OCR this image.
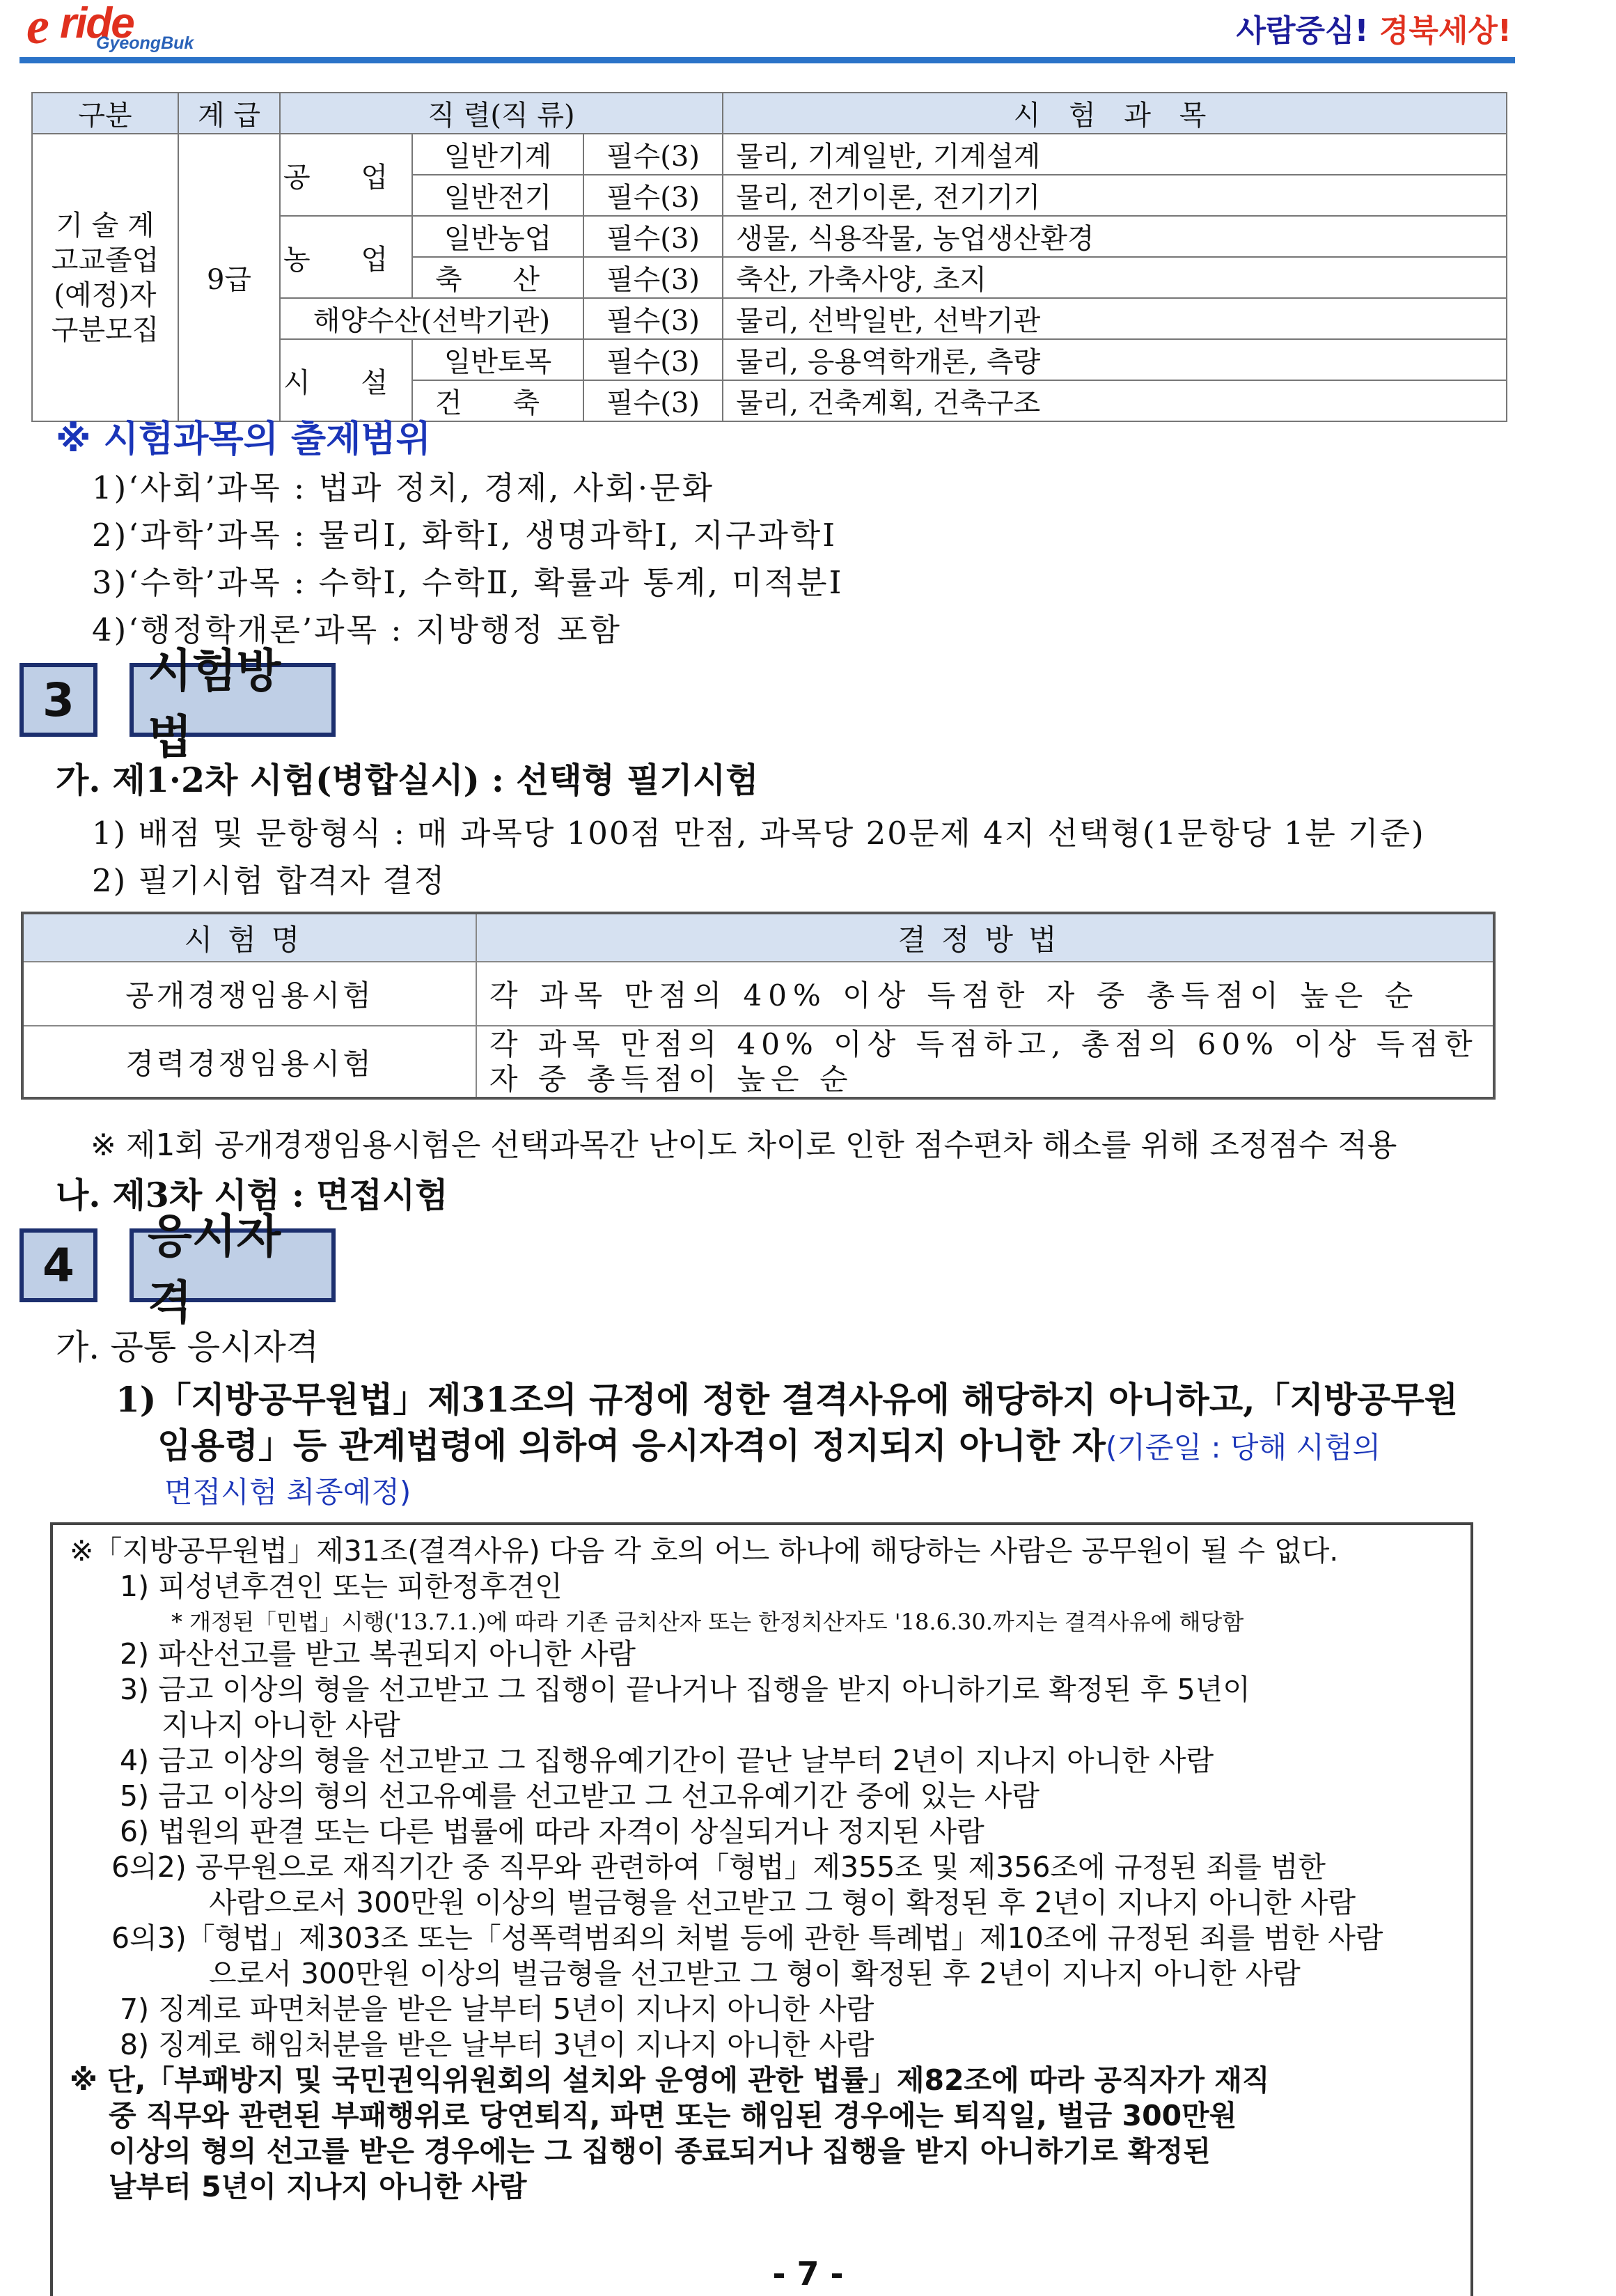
e ride
GyeongBuk	사람중심! 경북세상!
구분	계 급	직 렬(직 류)			시 험 과 목
기 술 계 고교졸업 (예정)자 구분모집	9급	공 업	일반기계	필수(3)	물리, 기계일반, 기계설계
			일반전기	필수(3)	물리, 전기이론, 전기기기
		농 업	일반농업	필수(3)	생물, 식용작물, 농업생산환경
			축 산	필수(3)	축산, 가축사양, 초지
		해양수산(선박기관)		필수(3)	물리, 선박일반, 선박기관
		시 설	일반토목	필수(3)	물리, 응용역학개론, 측량
			건 축	필수(3)	물리, 건축계획, 건축구조
※ 시험과목의 출제범위
1)‘사회’과목 : 법과 정치, 경제, 사회·문화
2)‘과학’과목 : 물리Ⅰ, 화학Ⅰ, 생명과학Ⅰ, 지구과학Ⅰ
3)‘수학’과목 : 수학Ⅰ, 수학Ⅱ, 확률과 통계, 미적분Ⅰ
4)‘행정학개론’과목 : 지방행정 포함
3
시험방법
가. 제1·2차 시험(병합실시) : 선택형 필기시험
1) 배점 및 문항형식 : 매 과목당 100점 만점, 과목당 20문제 4지 선택형(1문항당 1분 기준)
2) 필기시험 합격자 결정
시험명	결정방법
공개경쟁임용시험	각 과목 만점의 40% 이상 득점한 자 중 총득점이 높은 순
경력경쟁임용시험	각 과목 만점의 40% 이상 득점하고, 총점의 60% 이상 득점한 자 중 총득점이 높은 순
※ 제1회 공개경쟁임용시험은 선택과목간 난이도 차이로 인한 점수편차 해소를 위해 조정점수 적용
나. 제3차 시험 : 면접시험
4
응시자격
가. 공통 응시자격
1)「지방공무원법」제31조의 규정에 정한 결격사유에 해당하지 아니하고,「지방공무원
임용령」등 관계법령에 의하여 응시자격이 정지되지 아니한 자(기준일 : 당해 시험의
면접시험 최종예정)
※「지방공무원법」제31조(결격사유) 다음 각 호의 어느 하나에 해당하는 사람은 공무원이 될 수 없다.
1) 피성년후견인 또는 피한정후견인
* 개정된「민법」시행('13.7.1.)에 따라 기존 금치산자 또는 한정치산자도 '18.6.30.까지는 결격사유에 해당함
2) 파산선고를 받고 복권되지 아니한 사람
3) 금고 이상의 형을 선고받고 그 집행이 끝나거나 집행을 받지 아니하기로 확정된 후 5년이
지나지 아니한 사람
4) 금고 이상의 형을 선고받고 그 집행유예기간이 끝난 날부터 2년이 지나지 아니한 사람
5) 금고 이상의 형의 선고유예를 선고받고 그 선고유예기간 중에 있는 사람
6) 법원의 판결 또는 다른 법률에 따라 자격이 상실되거나 정지된 사람
6의2) 공무원으로 재직기간 중 직무와 관련하여「형법」제355조 및 제356조에 규정된 죄를 범한
사람으로서 300만원 이상의 벌금형을 선고받고 그 형이 확정된 후 2년이 지나지 아니한 사람
6의3)「형법」제303조 또는「성폭력범죄의 처벌 등에 관한 특례법」제10조에 규정된 죄를 범한 사람
으로서 300만원 이상의 벌금형을 선고받고 그 형이 확정된 후 2년이 지나지 아니한 사람
7) 징계로 파면처분을 받은 날부터 5년이 지나지 아니한 사람
8) 징계로 해임처분을 받은 날부터 3년이 지나지 아니한 사람
※ 단,「부패방지 및 국민권익위원회의 설치와 운영에 관한 법률」제82조에 따라 공직자가 재직
중 직무와 관련된 부패행위로 당연퇴직, 파면 또는 해임된 경우에는 퇴직일, 벌금 300만원
이상의 형의 선고를 받은 경우에는 그 집행이 종료되거나 집행을 받지 아니하기로 확정된
날부터 5년이 지나지 아니한 사람
- 7 -
